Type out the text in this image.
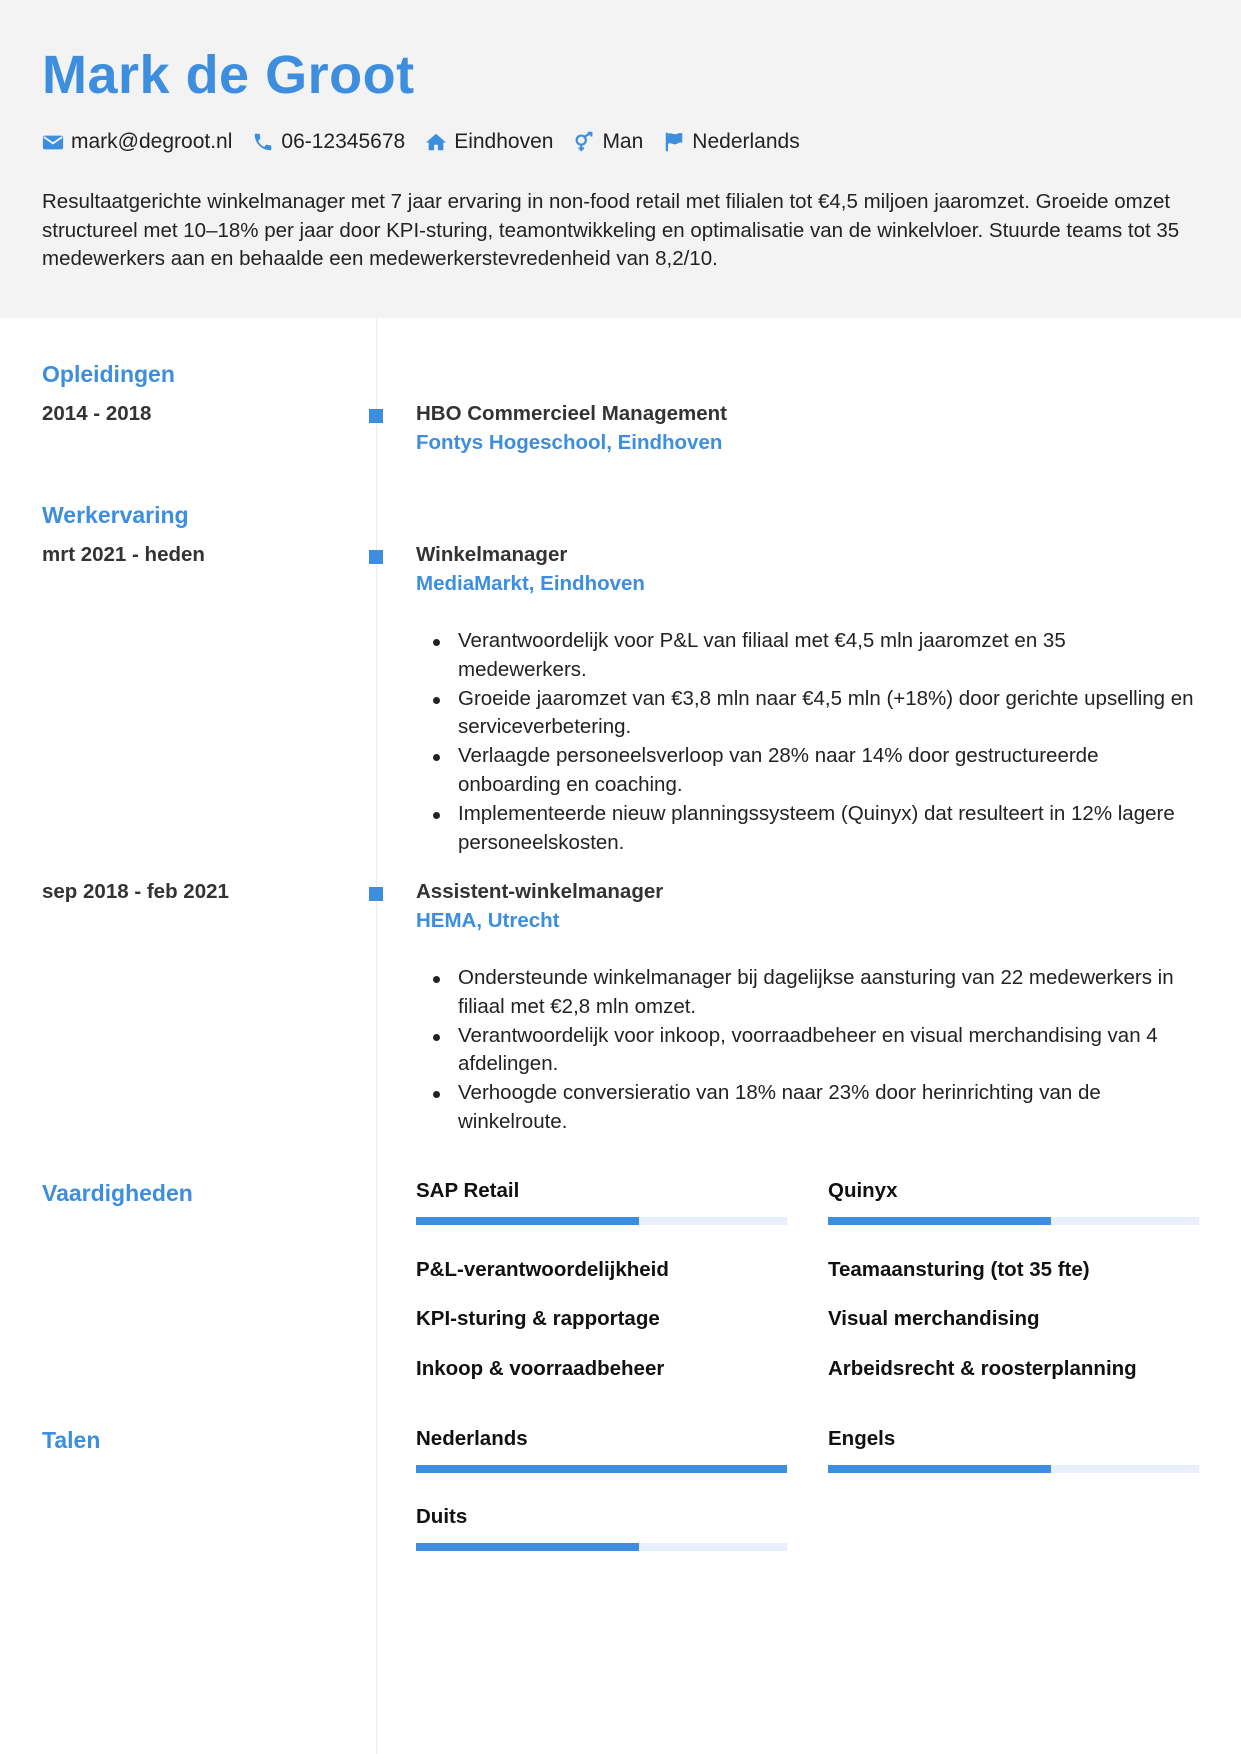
Mark de Groot
mark@degroot.nl 06-12345678 Eindhoven Man Nederlands
Resultaatgerichte winkelmanager met 7 jaar ervaring in non-food retail met filialen tot €4,5 miljoen jaaromzet. Groeide omzet structureel met 10–18% per jaar door KPI-sturing, teamontwikkeling en optimalisatie van de winkelvloer. Stuurde teams tot 35 medewerkers aan en behaalde een medewerkerstevredenheid van 8,2/10.
Opleidingen
2014 - 2018	HBO Commercieel Management
Fontys Hogeschool, Eindhoven
Werkervaring
mrt 2021 - heden	Winkelmanager
MediaMarkt, Eindhoven
Verantwoordelijk voor P&L van filiaal met €4,5 mln jaaromzet en 35 medewerkers.
Groeide jaaromzet van €3,8 mln naar €4,5 mln (+18%) door gerichte upselling en serviceverbetering.
Verlaagde personeelsverloop van 28% naar 14% door gestructureerde onboarding en coaching.
Implementeerde nieuw planningssysteem (Quinyx) dat resulteert in 12% lagere personeelskosten.
sep 2018 - feb 2021	Assistent-winkelmanager
HEMA, Utrecht
Ondersteunde winkelmanager bij dagelijkse aansturing van 22 medewerkers in filiaal met €2,8 mln omzet.
Verantwoordelijk voor inkoop, voorraadbeheer en visual merchandising van 4 afdelingen.
Verhoogde conversieratio van 18% naar 23% door herinrichting van de winkelroute.
Vaardigheden	SAP Retail	Quinyx
P&L-verantwoordelijkheid	Teamaansturing (tot 35 fte)
KPI-sturing & rapportage	Visual merchandising
Inkoop & voorraadbeheer	Arbeidsrecht & roosterplanning
Talen	Nederlands	Engels
Duits
